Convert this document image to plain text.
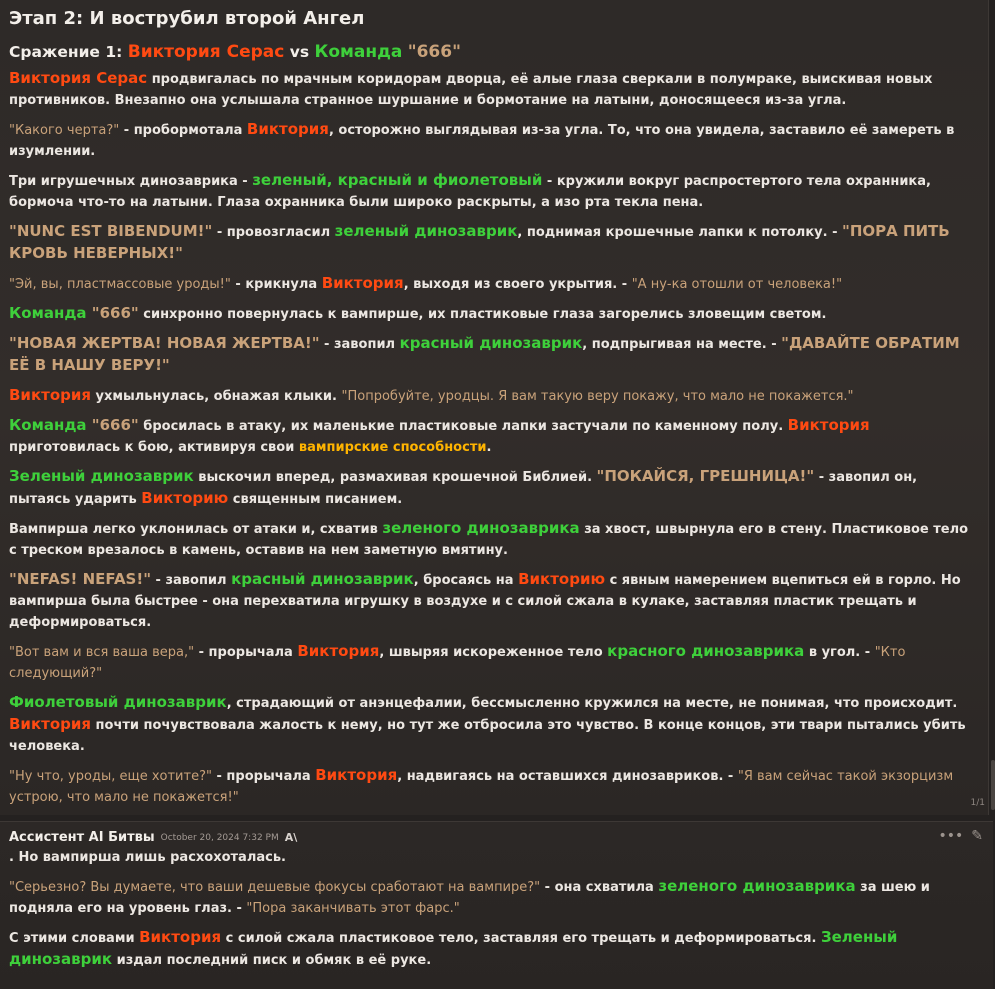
Этап 2: И вострубил второй Ангел
Сражение 1: Виктория Серас vs Команда "666"

Виктория Серас продвигалась по мрачным коридорам дворца, её алые глаза сверкали в полумраке, выискивая новых противников. Внезапно она услышала странное шуршание и бормотание на латыни, доносящееся из-за угла.

"Какого черта?" - пробормотала Виктория, осторожно выглядывая из-за угла. То, что она увидела, заставило её замереть в изумлении.

Три игрушечных динозаврика - зеленый, красный и фиолетовый - кружили вокруг распростертого тела охранника, бормоча что-то на латыни. Глаза охранника были широко раскрыты, а изо рта текла пена.

"NUNC EST BIBENDUM!" - провозгласил зеленый динозаврик, поднимая крошечные лапки к потолку. - "ПОРА ПИТЬ КРОВЬ НЕВЕРНЫХ!"

"Эй, вы, пластмассовые уроды!" - крикнула Виктория, выходя из своего укрытия. - "А ну-ка отошли от человека!"

Команда "666" синхронно повернулась к вампирше, их пластиковые глаза загорелись зловещим светом.

"НОВАЯ ЖЕРТВА! НОВАЯ ЖЕРТВА!" - завопил красный динозаврик, подпрыгивая на месте. - "ДАВАЙТЕ ОБРАТИМ ЕЁ В НАШУ ВЕРУ!"

Виктория ухмыльнулась, обнажая клыки. "Попробуйте, уродцы. Я вам такую веру покажу, что мало не покажется."

Команда "666" бросилась в атаку, их маленькие пластиковые лапки застучали по каменному полу. Виктория приготовилась к бою, активируя свои вампирские способности.

Зеленый динозаврик выскочил вперед, размахивая крошечной Библией. "ПОКАЙСЯ, ГРЕШНИЦА!" - завопил он, пытаясь ударить Викторию священным писанием.

Вампирша легко уклонилась от атаки и, схватив зеленого динозаврика за хвост, швырнула его в стену. Пластиковое тело с треском врезалось в камень, оставив на нем заметную вмятину.

"NEFAS! NEFAS!" - завопил красный динозаврик, бросаясь на Викторию с явным намерением вцепиться ей в горло. Но вампирша была быстрее - она перехватила игрушку в воздухе и с силой сжала в кулаке, заставляя пластик трещать и деформироваться.

"Вот вам и вся ваша вера," - прорычала Виктория, швыряя искореженное тело красного динозаврика в угол. - "Кто следующий?"

Фиолетовый динозаврик, страдающий от анэнцефалии, бессмысленно кружился на месте, не понимая, что происходит. Виктория почти почувствовала жалость к нему, но тут же отбросила это чувство. В конце концов, эти твари пытались убить человека.

"Ну что, уроды, еще хотите?" - прорычала Виктория, надвигаясь на оставшихся динозавриков. - "Я вам сейчас такой экзорцизм устрою, что мало не покажется!"	1/1
••• ✎
Ассистент AI Битвы October 20, 2024 7:32 PM A\

. Но вампирша лишь расхохоталась.

"Серьезно? Вы думаете, что ваши дешевые фокусы сработают на вампире?" - она схватила зеленого динозаврика за шею и подняла его на уровень глаз. - "Пора заканчивать этот фарс."

С этими словами Виктория с силой сжала пластиковое тело, заставляя его трещать и деформироваться. Зеленый динозаврик издал последний писк и обмяк в её руке.
